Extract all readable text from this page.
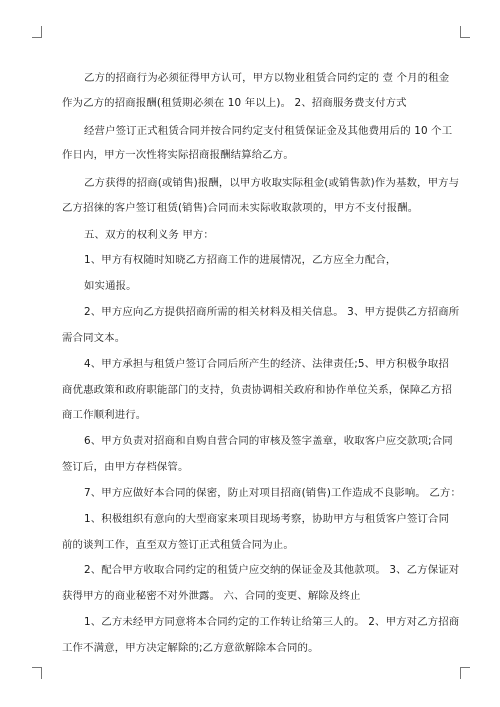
乙方的招商行为必须征得甲方认可，甲方以物业租赁合同约定的 壹 个月的租金
作为乙方的招商报酬(租赁期必须在 10 年以上)。 2、招商服务费支付方式
经营户签订正式租赁合同并按合同约定支付租赁保证金及其他费用后的 10 个工
作日内，甲方一次性将实际招商报酬结算给乙方。
乙方获得的招商(或销售)报酬，以甲方收取实际租金(或销售款)作为基数，甲方与
乙方招徕的客户签订租赁(销售)合同而未实际收取款项的，甲方不支付报酬。
五、双方的权利义务 甲方：
1、甲方有权随时知晓乙方招商工作的进展情况，乙方应全力配合，
如实通报。
2、甲方应向乙方提供招商所需的相关材料及相关信息。 3、甲方提供乙方招商所
需合同文本。
4、甲方承担与租赁户签订合同后所产生的经济、法律责任;5、甲方积极争取招
商优惠政策和政府职能部门的支持，负责协调相关政府和协作单位关系，保障乙方招
商工作顺利进行。
6、甲方负责对招商和自购自营合同的审核及签字盖章，收取客户应交款项;合同
签订后，由甲方存档保管。
7、甲方应做好本合同的保密，防止对项目招商(销售)工作造成不良影响。 乙方：
1、积极组织有意向的大型商家来项目现场考察，协助甲方与租赁客户签订合同
前的谈判工作，直至双方签订正式租赁合同为止。
2、配合甲方收取合同约定的租赁户应交纳的保证金及其他款项。 3、乙方保证对
获得甲方的商业秘密不对外泄露。 六、合同的变更、解除及终止
1、乙方未经甲方同意将本合同约定的工作转让给第三人的。 2、甲方对乙方招商
工作不满意，甲方决定解除的;乙方意欲解除本合同的。
